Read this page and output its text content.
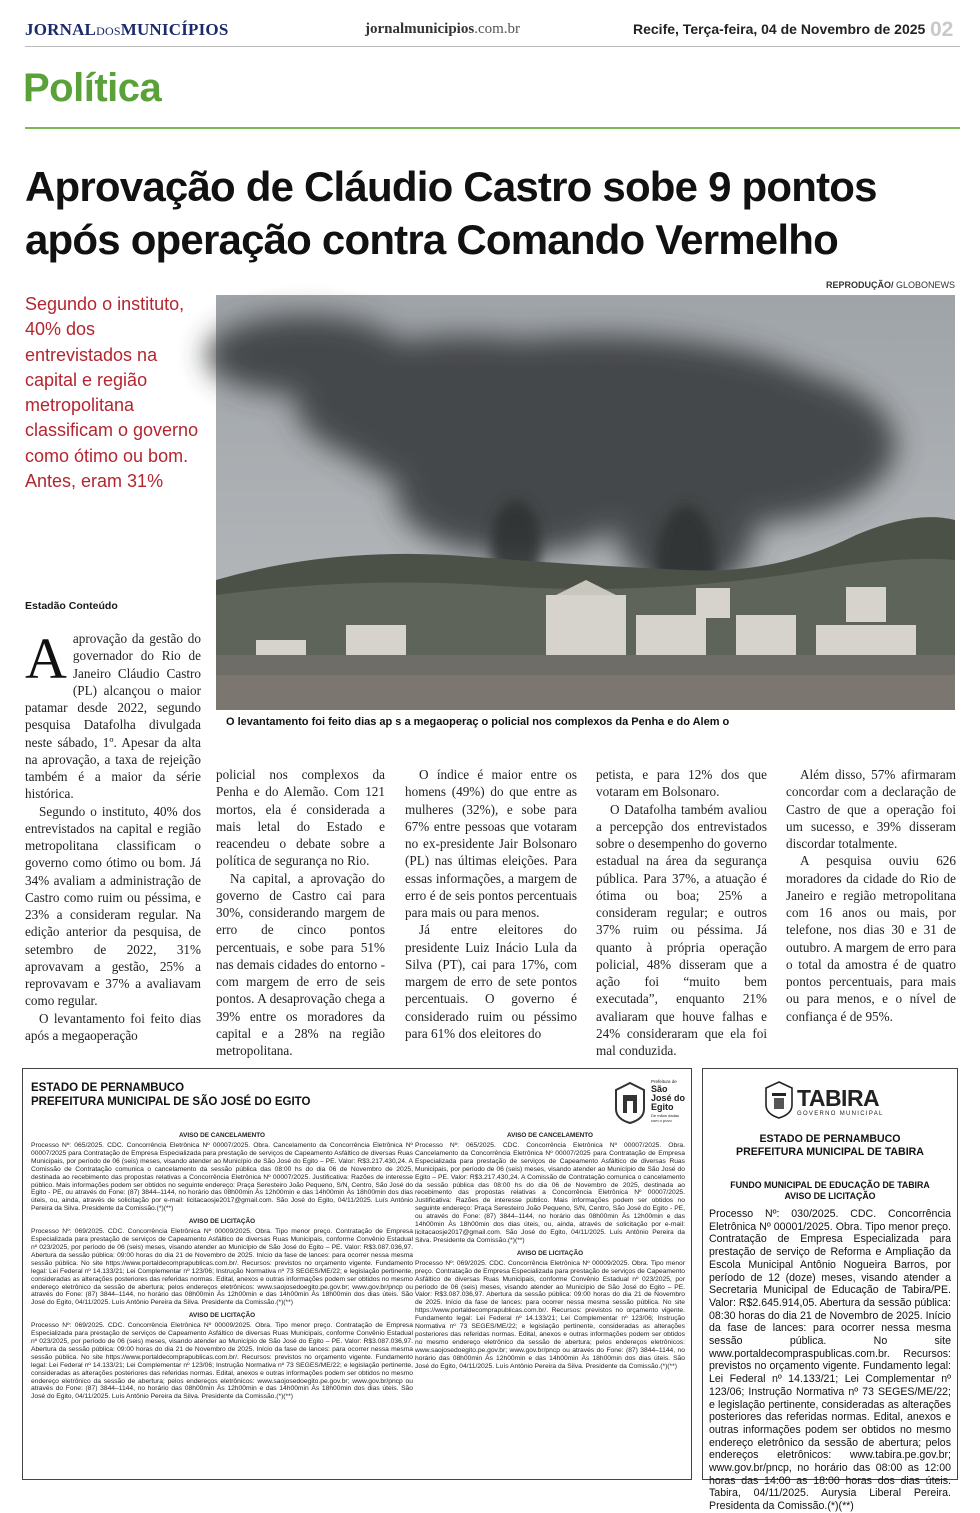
JORNALDOSMUNICÍPIOS	jornalmunicipios.com.br	Recife, Terça-feira, 04 de Novembro de 2025 02
Política
Aprovação de Cláudio Castro sobe 9 pontos após operação contra Comando Vermelho
REPRODUÇÃO/ GLOBONEWS
Segundo o instituto, 40% dos entrevistados na capital e região metropolitana classificam o governo como ótimo ou bom. Antes, eram 31%
O levantamento foi feito dias ap s a megaoperaç o policial nos complexos da Penha e do Alem o
Estadão Conteúdo

Aaprovação da gestão do governador do Rio de Janeiro Cláudio Castro (PL) alcançou o maior patamar desde 2022, segundo pesquisa Datafolha divulgada neste sábado, 1º. Apesar da alta na aprovação, a taxa de rejeição também é a maior da série histórica.

Segundo o instituto, 40% dos entrevistados na capital e região metropolitana classificam o governo como ótimo ou bom. Já 34% avaliam a administração de Castro como ruim ou péssima, e 23% a consideram regular. Na edição anterior da pesquisa, de setembro de 2022, 31% aprovavam a gestão, 25% a reprovavam e 37% a avaliavam como regular.

O levantamento foi feito dias após a megaoperação

policial nos complexos da Penha e do Alemão. Com 121 mortos, ela é considerada a mais letal do Estado e reacendeu o debate sobre a política de segurança no Rio.

Na capital, a aprovação do governo de Castro cai para 30%, considerando margem de erro de cinco pontos percentuais, e sobe para 51% nas demais cidades do entorno - com margem de erro de seis pontos. A desaprovação chega a 39% entre os moradores da capital e a 28% na região metropolitana.

O índice é maior entre os homens (49%) do que entre as mulheres (32%), e sobe para 67% entre pessoas que votaram no ex-presidente Jair Bolsonaro (PL) nas últimas eleições. Para essas informações, a margem de erro é de seis pontos percentuais para mais ou para menos.

Já entre eleitores do presidente Luiz Inácio Lula da Silva (PT), cai para 17%, com margem de erro de sete pontos percentuais. O governo é considerado ruim ou péssimo para 61% dos eleitores do

petista, e para 12% dos que votaram em Bolsonaro.

O Datafolha também avaliou a percepção dos entrevistados sobre o desempenho do governo estadual na área da segurança pública. Para 37%, a atuação é ótima ou boa; 25% a consideram regular; e outros 37% ruim ou péssima. Já quanto à própria operação policial, 48% disseram que a ação foi “muito bem executada”, enquanto 21% avaliaram que houve falhas e 24% consideraram que ela foi mal conduzida.

Além disso, 57% afirmaram concordar com a declaração de Castro de que a operação foi um sucesso, e 39% disseram discordar totalmente.

A pesquisa ouviu 626 moradores da cidade do Rio de Janeiro e região metropolitana com 16 anos ou mais, por telefone, nos dias 30 e 31 de outubro. A margem de erro para o total da amostra é de quatro pontos percentuais, para mais ou para menos, e o nível de confiança é de 95%.

ESTADO DE PERNAMBUCO
PREFEITURA MUNICIPAL DE SÃO JOSÉ DO EGITO
Prefeitura de
São José do Egito
De mãos dadas com o povo
AVISO DE CANCELAMENTO
Processo Nº: 065/2025. CDC. Concorrência Eletrônica Nº 00007/2025. Obra. Cancelamento da Concorrência Eletrônica Nº 00007/2025 para Contratação de Empresa Especializada para prestação de serviços de Capeamento Asfáltico de diversas Ruas Municipais, por período de 06 (seis) meses, visando atender ao Município de São José do Egito – PE. Valor: R$3.217.430,24. A Comissão de Contratação comunica o cancelamento da sessão pública das 08:00 hs do dia 06 de Novembro de 2025, destinada ao recebimento das propostas relativas a Concorrência Eletrônica Nº 00007/2025. Justificativa: Razões de interesse público. Mais informações podem ser obtidos no seguinte endereço: Praça Seresteiro João Pequeno, S/N, Centro, São José do Egito - PE, ou através do Fone: (87) 3844–1144, no horário das 08h00min Às 12h00min e das 14h00min Às 18h00min dos dias úteis, ou, ainda, através de solicitação por e-mail: licitacaosje2017@gmail.com. São José do Egito, 04/11/2025. Luís Antônio Pereira da Silva. Presidente da Comissão.(*)(**)
AVISO DE LICITAÇÃO
Processo Nº: 069/2025. CDC. Concorrência Eletrônica Nº 00009/2025. Obra. Tipo menor preço. Contratação de Empresa Especializada para prestação de serviços de Capeamento Asfáltico de diversas Ruas Municipais, conforme Convênio Estadual nº 023/2025, por período de 06 (seis) meses, visando atender ao Município de São José do Egito – PE. Valor: R$3.087.036,97. Abertura da sessão pública: 09:00 horas do dia 21 de Novembro de 2025. Início da fase de lances: para ocorrer nessa mesma sessão pública. No site https://www.portaldecomprapublicas.com.br/. Recursos: previstos no orçamento vigente. Fundamento legal: Lei Federal nº 14.133/21; Lei Complementar nº 123/06; Instrução Normativa nº 73 SEGES/ME/22; e legislação pertinente, consideradas as alterações posteriores das referidas normas. Edital, anexos e outras informações podem ser obtidos no mesmo endereço eletrônico da sessão de abertura; pelos endereços eletrônicos: www.saojosedoegito.pe.gov.br; www.gov.br/pncp ou através do Fone: (87) 3844–1144, no horário das 08h00min Às 12h00min e das 14h00min Às 18h00min dos dias úteis. São José do Egito, 04/11/2025. Luís Antônio Pereira da Silva. Presidente da Comissão.(*)(**)
AVISO DE LICITAÇÃO
Processo Nº: 069/2025. CDC. Concorrência Eletrônica Nº 00009/2025. Obra. Tipo menor preço. Contratação de Empresa Especializada para prestação de serviços de Capeamento Asfáltico de diversas Ruas Municipais, conforme Convênio Estadual nº 023/2025, por período de 06 (seis) meses, visando atender ao Município de São José do Egito – PE. Valor: R$3.087.036,97. Abertura da sessão pública: 09:00 horas do dia 21 de Novembro de 2025. Início da fase de lances: para ocorrer nessa mesma sessão pública. No site https://www.portaldecomprapublicas.com.br/. Recursos: previstos no orçamento vigente. Fundamento legal: Lei Federal nº 14.133/21; Lei Complementar nº 123/06; Instrução Normativa nº 73 SEGES/ME/22; e legislação pertinente, consideradas as alterações posteriores das referidas normas. Edital, anexos e outras informações podem ser obtidos no mesmo endereço eletrônico da sessão de abertura; pelos endereços eletrônicos: www.saojosedoegito.pe.gov.br; www.gov.br/pncp ou através do Fone: (87) 3844–1144, no horário das 08h00min Às 12h00min e das 14h00min Às 18h00min dos dias úteis. São José do Egito, 04/11/2025. Luís Antônio Pereira da Silva. Presidente da Comissão.(*)(**)
AVISO DE CANCELAMENTO
Processo Nº: 065/2025. CDC. Concorrência Eletrônica Nº 00007/2025. Obra. Cancelamento da Concorrência Eletrônica Nº 00007/2025 para Contratação de Empresa Especializada para prestação de serviços de Capeamento Asfáltico de diversas Ruas Municipais, por período de 06 (seis) meses, visando atender ao Município de São José do Egito – PE. Valor: R$3.217.430,24. A Comissão de Contratação comunica o cancelamento da sessão pública das 08:00 hs do dia 06 de Novembro de 2025, destinada ao recebimento das propostas relativas a Concorrência Eletrônica Nº 00007/2025. Justificativa: Razões de interesse público. Mais informações podem ser obtidos no seguinte endereço: Praça Seresteiro João Pequeno, S/N, Centro, São José do Egito - PE, ou através do Fone: (87) 3844–1144, no horário das 08h00min Às 12h00min e das 14h00min Às 18h00min dos dias úteis, ou, ainda, através de solicitação por e-mail: licitacaosje2017@gmail.com. São José do Egito, 04/11/2025. Luís Antônio Pereira da Silva. Presidente da Comissão.(*)(**)
AVISO DE LICITAÇÃO
Processo Nº: 069/2025. CDC. Concorrência Eletrônica Nº 00009/2025. Obra. Tipo menor preço. Contratação de Empresa Especializada para prestação de serviços de Capeamento Asfáltico de diversas Ruas Municipais, conforme Convênio Estadual nº 023/2025, por período de 06 (seis) meses, visando atender ao Município de São José do Egito – PE. Valor: R$3.087.036,97. Abertura da sessão pública: 09:00 horas do dia 21 de Novembro de 2025. Início da fase de lances: para ocorrer nessa mesma sessão pública. No site https://www.portaldecomprapublicas.com.br/. Recursos: previstos no orçamento vigente. Fundamento legal: Lei Federal nº 14.133/21; Lei Complementar nº 123/06; Instrução Normativa nº 73 SEGES/ME/22; e legislação pertinente, consideradas as alterações posteriores das referidas normas. Edital, anexos e outras informações podem ser obtidos no mesmo endereço eletrônico da sessão de abertura; pelos endereços eletrônicos: www.saojosedoegito.pe.gov.br; www.gov.br/pncp ou através do Fone: (87) 3844–1144, no horário das 08h00min Às 12h00min e das 14h00min Às 18h00min dos dias úteis. São José do Egito, 04/11/2025. Luís Antônio Pereira da Silva. Presidente da Comissão.(*)(**)
TABIRA
GOVERNO MUNICIPAL
ESTADO DE PERNAMBUCO
PREFEITURA MUNICIPAL DE TABIRA
FUNDO MUNICIPAL DE EDUCAÇÃO DE TABIRA
AVISO DE LICITAÇÃO
Processo Nº: 030/2025. CDC. Concorrência Eletrônica Nº 00001/2025. Obra. Tipo menor preço. Contratação de Empresa Especializada para prestação de serviço de Reforma e Ampliação da Escola Municipal Antônio Nogueira Barros, por período de 12 (doze) meses, visando atender a Secretaria Municipal de Educação de Tabira/PE. Valor: R$2.645.914,05. Abertura da sessão pública: 08:30 horas do dia 21 de Novembro de 2025. Início da fase de lances: para ocorrer nessa mesma sessão pública. No site www.portaldecompraspublicas.com.br. Recursos: previstos no orçamento vigente. Fundamento legal: Lei Federal nº 14.133/21; Lei Complementar nº 123/06; Instrução Normativa nº 73 SEGES/ME/22; e legislação pertinente, consideradas as alterações posteriores das referidas normas. Edital, anexos e outras informações podem ser obtidos no mesmo endereço eletrônico da sessão de abertura; pelos endereços eletrônicos: www.tabira.pe.gov.br; www.gov.br/pncp, no horário das 08:00 as 12:00 horas das 14:00 as 18:00 horas dos dias úteis. Tabira, 04/11/2025. Aurysia Liberal Pereira. Presidenta da Comissão.(*)(**)
